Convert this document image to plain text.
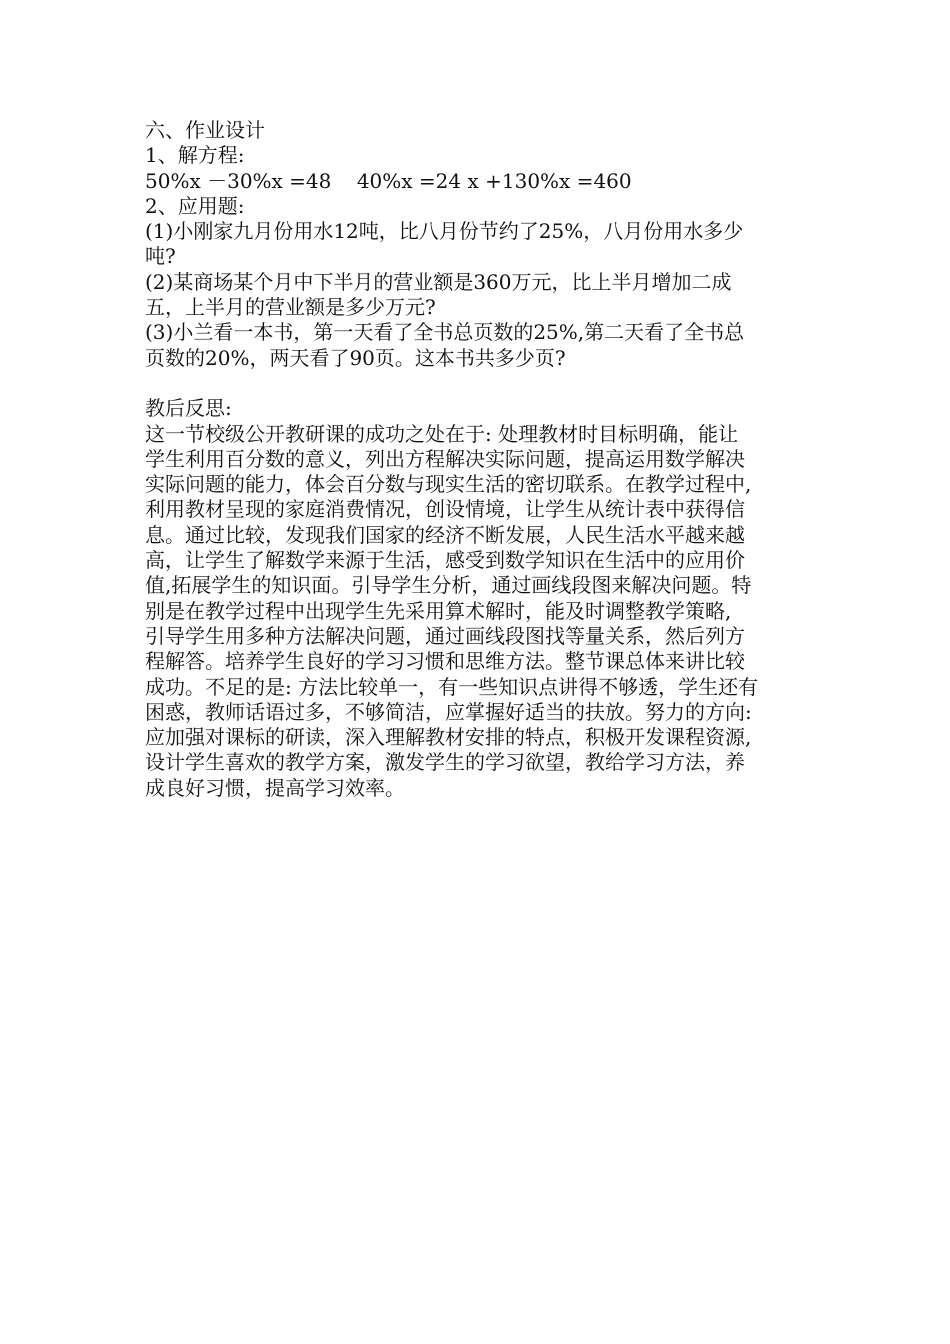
六、作业设计
1、解方程:
50%x －30%x =48    40%x =24 x +130%x =460
2、应用题:
(1)小刚家九月份用水12吨，比八月份节约了25%，八月份用水多少
吨?
(2)某商场某个月中下半月的营业额是360万元，比上半月增加二成
五，上半月的营业额是多少万元?
(3)小兰看一本书，第一天看了全书总页数的25%,第二天看了全书总
页数的20%，两天看了90页。这本书共多少页?
教后反思:
这一节校级公开教研课的成功之处在于: 处理教材时目标明确，能让
学生利用百分数的意义，列出方程解决实际问题，提高运用数学解决
实际问题的能力，体会百分数与现实生活的密切联系。在教学过程中,
利用教材呈现的家庭消费情况，创设情境，让学生从统计表中获得信
息。通过比较，发现我们国家的经济不断发展，人民生活水平越来越
高，让学生了解数学来源于生活，感受到数学知识在生活中的应用价
值,拓展学生的知识面。引导学生分析，通过画线段图来解决问题。特
别是在教学过程中出现学生先采用算术解时，能及时调整教学策略,
引导学生用多种方法解决问题，通过画线段图找等量关系，然后列方
程解答。培养学生良好的学习习惯和思维方法。整节课总体来讲比较
成功。不足的是: 方法比较单一，有一些知识点讲得不够透，学生还有
困惑，教师话语过多，不够简洁，应掌握好适当的扶放。努力的方向:
应加强对课标的研读，深入理解教材安排的特点，积极开发课程资源,
设计学生喜欢的教学方案，激发学生的学习欲望，教给学习方法，养
成良好习惯，提高学习效率。
